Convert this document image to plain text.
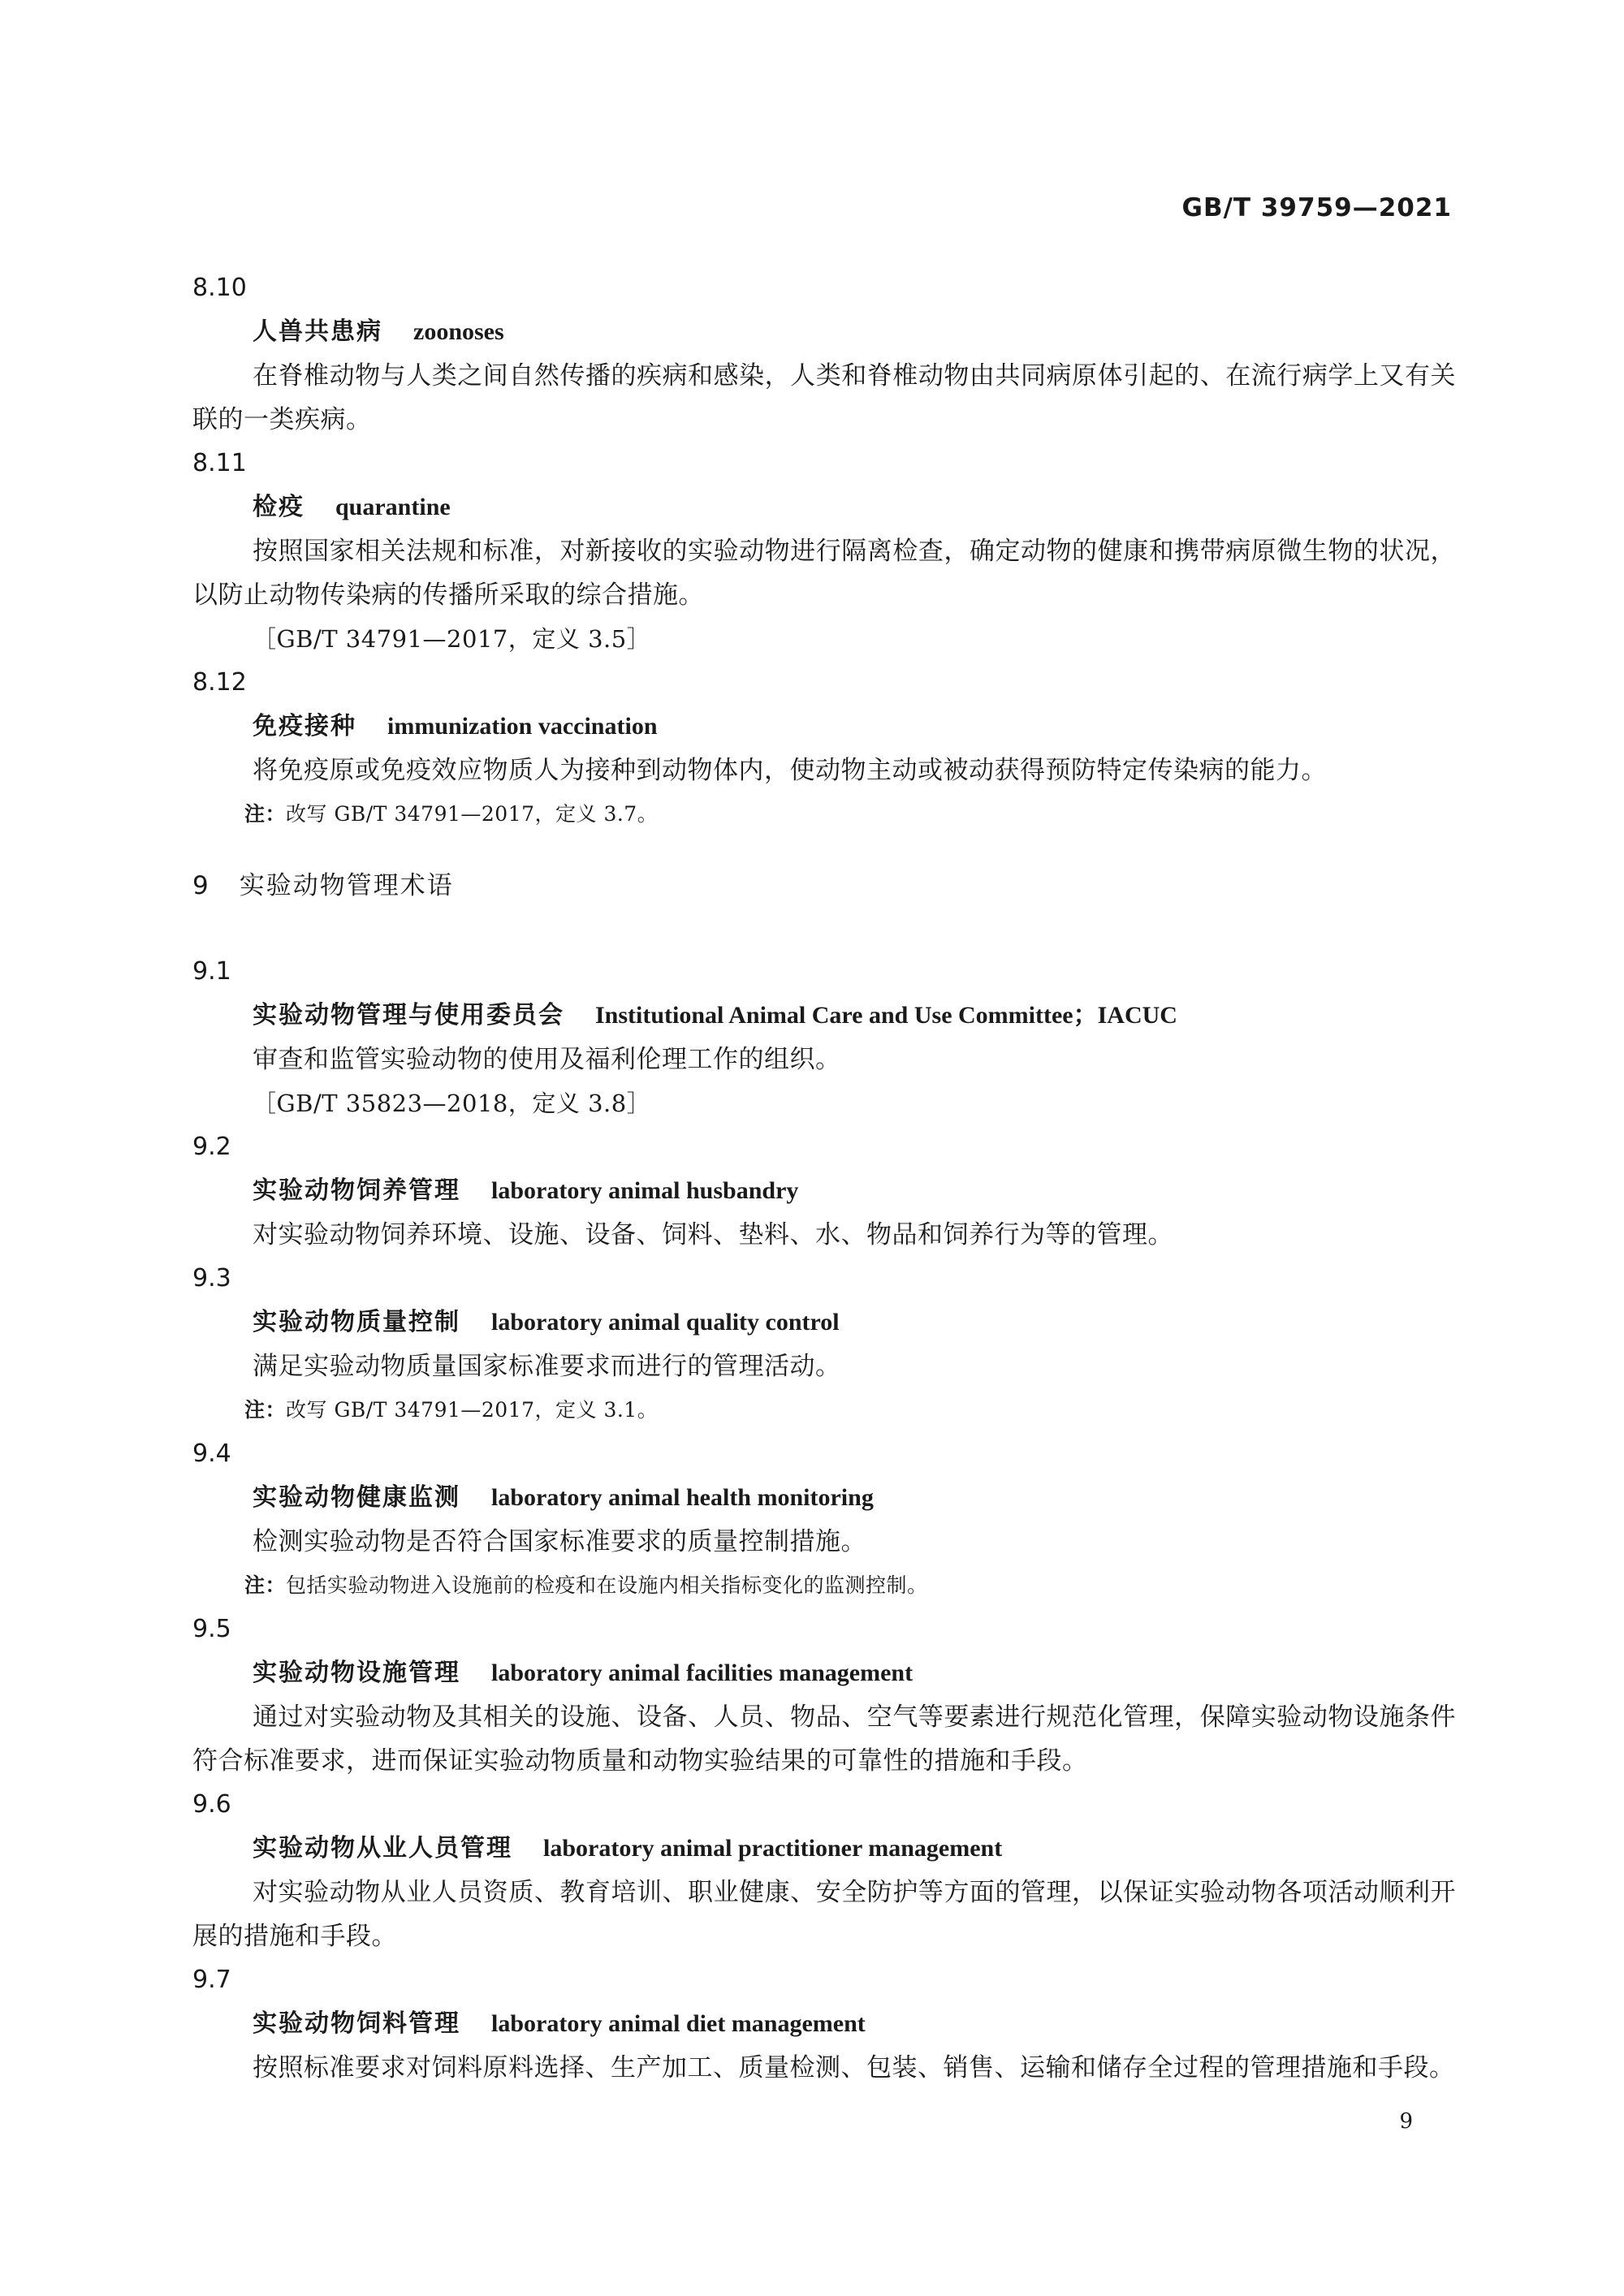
GB/T 39759—2021
8.10
人兽共患病 zoonoses
在脊椎动物与人类之间自然传播的疾病和感染，人类和脊椎动物由共同病原体引起的、在流行病学上又有关联的一类疾病。
8.11
检疫 quarantine
按照国家相关法规和标准，对新接收的实验动物进行隔离检查，确定动物的健康和携带病原微生物的状况，以防止动物传染病的传播所采取的综合措施。
［GB/T 34791—2017，定义 3.5］
8.12
免疫接种 immunization vaccination
将免疫原或免疫效应物质人为接种到动物体内，使动物主动或被动获得预防特定传染病的能力。
注：改写 GB/T 34791—2017，定义 3.7。
9 实验动物管理术语
9.1
实验动物管理与使用委员会 Institutional Animal Care and Use Committee；IACUC
审查和监管实验动物的使用及福利伦理工作的组织。
［GB/T 35823—2018，定义 3.8］
9.2
实验动物饲养管理 laboratory animal husbandry
对实验动物饲养环境、设施、设备、饲料、垫料、水、物品和饲养行为等的管理。
9.3
实验动物质量控制 laboratory animal quality control
满足实验动物质量国家标准要求而进行的管理活动。
注：改写 GB/T 34791—2017，定义 3.1。
9.4
实验动物健康监测 laboratory animal health monitoring
检测实验动物是否符合国家标准要求的质量控制措施。
注：包括实验动物进入设施前的检疫和在设施内相关指标变化的监测控制。
9.5
实验动物设施管理 laboratory animal facilities management
通过对实验动物及其相关的设施、设备、人员、物品、空气等要素进行规范化管理，保障实验动物设施条件符合标准要求，进而保证实验动物质量和动物实验结果的可靠性的措施和手段。
9.6
实验动物从业人员管理 laboratory animal practitioner management
对实验动物从业人员资质、教育培训、职业健康、安全防护等方面的管理，以保证实验动物各项活动顺利开展的措施和手段。
9.7
实验动物饲料管理 laboratory animal diet management
按照标准要求对饲料原料选择、生产加工、质量检测、包装、销售、运输和储存全过程的管理措施和手段。
9
